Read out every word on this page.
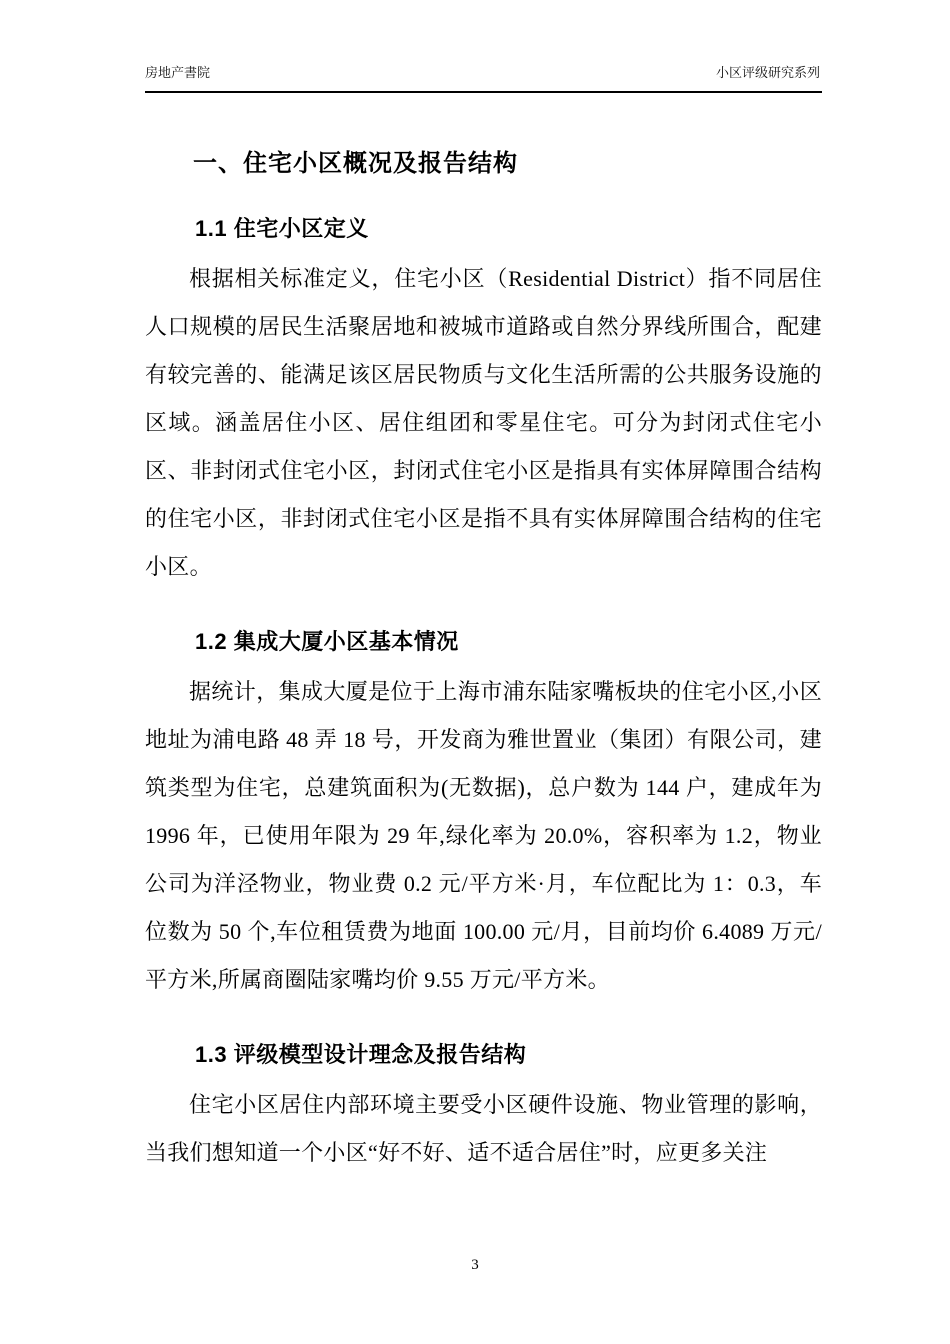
房地产書院	小区评级研究系列
一、住宅小区概况及报告结构
1.1 住宅小区定义

根据相关标准定义，住宅小区（Residential District）指不同居住人口规模的居民生活聚居地和被城市道路或自然分界线所围合，配建有较完善的、能满足该区居民物质与文化生活所需的公共服务设施的区域。涵盖居住小区、居住组团和零星住宅。可分为封闭式住宅小区、非封闭式住宅小区，封闭式住宅小区是指具有实体屏障围合结构的住宅小区，非封闭式住宅小区是指不具有实体屏障围合结构的住宅小区。

1.2 集成大厦小区基本情况

据统计，集成大厦是位于上海市浦东陆家嘴板块的住宅小区,小区地址为浦电路 48 弄 18 号，开发商为雅世置业（集团）有限公司，建筑类型为住宅，总建筑面积为(无数据)，总户数为 144 户，建成年为 1996 年，已使用年限为 29 年,绿化率为 20.0%，容积率为 1.2，物业公司为洋泾物业，物业费 0.2 元/平方米·月，车位配比为 1：0.3，车位数为 50 个,车位租赁费为地面 100.00 元/月，目前均价 6.4089 万元/平方米,所属商圈陆家嘴均价 9.55 万元/平方米。

1.3 评级模型设计理念及报告结构

住宅小区居住内部环境主要受小区硬件设施、物业管理的影响，当我们想知道一个小区“好不好、适不适合居住”时，应更多关注

3
